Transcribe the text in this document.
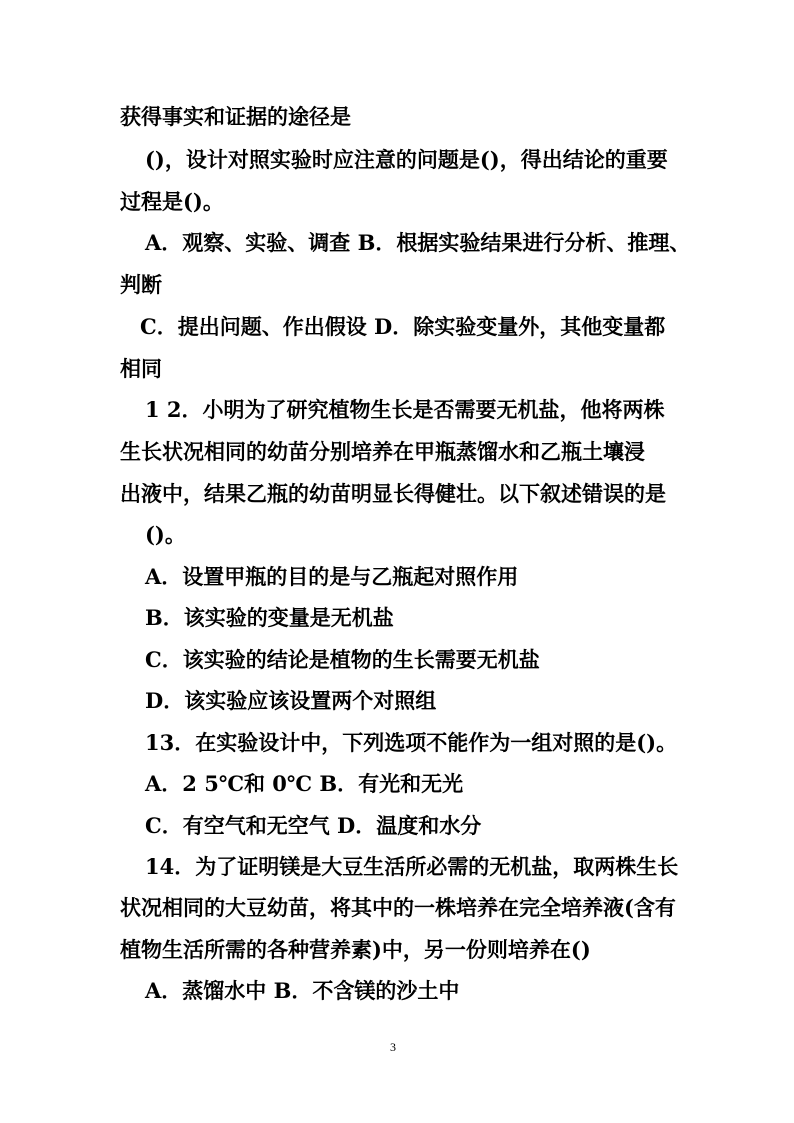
获得事实和证据的途径是
()，设计对照实验时应注意的问题是()，得出结论的重要
过程是()。
A．观察、实验、调查 B．根据实验结果进行分析、推理、
判断
C．提出问题、作出假设 D．除实验变量外，其他变量都
相同
1 2．小明为了研究植物生长是否需要无机盐，他将两株
生长状况相同的幼苗分别培养在甲瓶蒸馏水和乙瓶土壤浸
出液中，结果乙瓶的幼苗明显长得健壮。以下叙述错误的是
()。
A．设置甲瓶的目的是与乙瓶起对照作用
B．该实验的变量是无机盐
C．该实验的结论是植物的生长需要无机盐
D．该实验应该设置两个对照组
13．在实验设计中，下列选项不能作为一组对照的是()。
A．2 5℃和 0℃ B．有光和无光
C．有空气和无空气 D．温度和水分
14．为了证明镁是大豆生活所必需的无机盐，取两株生长
状况相同的大豆幼苗，将其中的一株培养在完全培养液(含有
植物生活所需的各种营养素)中，另一份则培养在()
A．蒸馏水中 B．不含镁的沙土中
3
